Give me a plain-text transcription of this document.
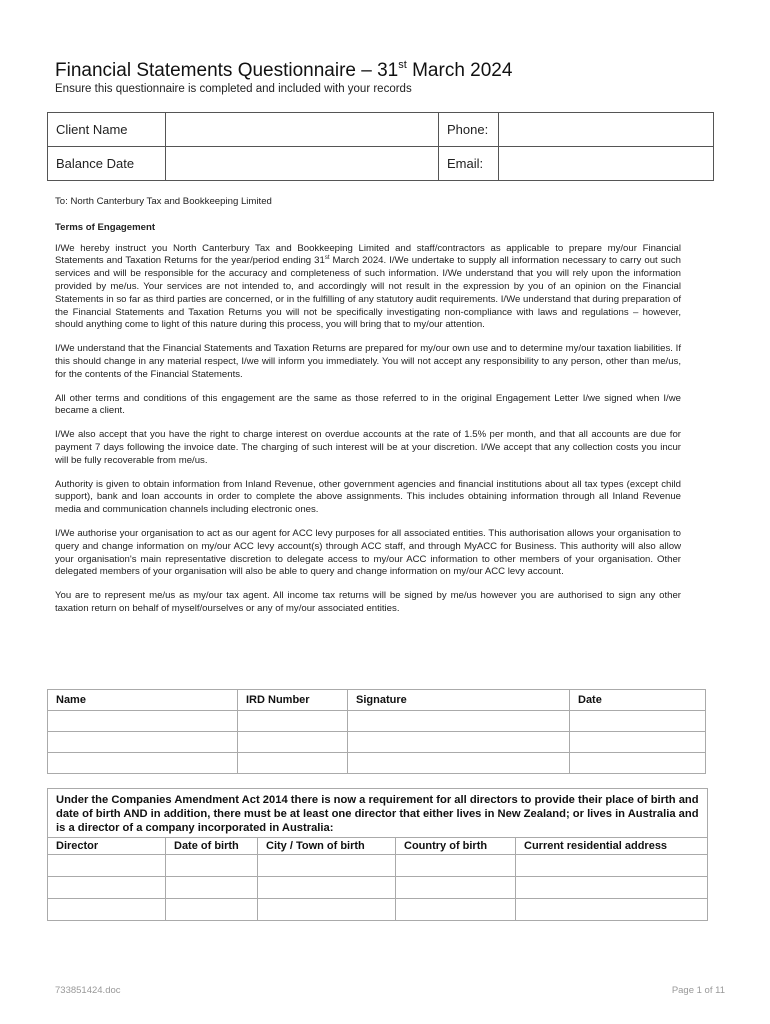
Financial Statements Questionnaire – 31st March 2024
Ensure this questionnaire is completed and included with your records
Client Name		Phone:	
Balance Date		Email:	

To: North Canterbury Tax and Bookkeeping Limited

Terms of Engagement

I/We hereby instruct you North Canterbury Tax and Bookkeeping Limited and staff/contractors as applicable to prepare my/our Financial Statements and Taxation Returns for the year/period ending 31st March 2024. I/We undertake to supply all information necessary to carry out such services and will be responsible for the accuracy and completeness of such information. I/We understand that you will rely upon the information provided by me/us. Your services are not intended to, and accordingly will not result in the expression by you of an opinion on the Financial Statements in so far as third parties are concerned, or in the fulfilling of any statutory audit requirements. I/We understand that during preparation of the Financial Statements and Taxation Returns you will not be specifically investigating non-compliance with laws and regulations – however, should anything come to light of this nature during this process, you will bring that to my/our attention.

I/We understand that the Financial Statements and Taxation Returns are prepared for my/our own use and to determine my/our taxation liabilities. If this should change in any material respect, I/we will inform you immediately. You will not accept any responsibility to any person, other than me/us, for the contents of the Financial Statements.

All other terms and conditions of this engagement are the same as those referred to in the original Engagement Letter I/we signed when I/we became a client.

I/We also accept that you have the right to charge interest on overdue accounts at the rate of 1.5% per month, and that all accounts are due for payment 7 days following the invoice date. The charging of such interest will be at your discretion. I/We accept that any collection costs you incur will be fully recoverable from me/us.

Authority is given to obtain information from Inland Revenue, other government agencies and financial institutions about all tax types (except child support), bank and loan accounts in order to complete the above assignments. This includes obtaining information through all Inland Revenue media and communication channels including electronic ones.

I/We authorise your organisation to act as our agent for ACC levy purposes for all associated entities. This authorisation allows your organisation to query and change information on my/our ACC levy account(s) through ACC staff, and through MyACC for Business. This authority will also allow your organisation's main representative discretion to delegate access to my/our ACC information to other members of your organisation. Other delegated members of your organisation will also be able to query and change information on my/our ACC levy account.

You are to represent me/us as my/our tax agent. All income tax returns will be signed by me/us however you are authorised to sign any other taxation return on behalf of myself/ourselves or any of my/our associated entities.

Name	IRD Number	Signature	Date

Under the Companies Amendment Act 2014 there is now a requirement for all directors to provide their place of birth and date of birth AND in addition, there must be at least one director that either lives in New Zealand; or lives in Australia and is a director of a company incorporated in Australia:
Director	Date of birth	City / Town of birth	Country of birth	Current residential address

733851424.doc	Page 1 of 11
